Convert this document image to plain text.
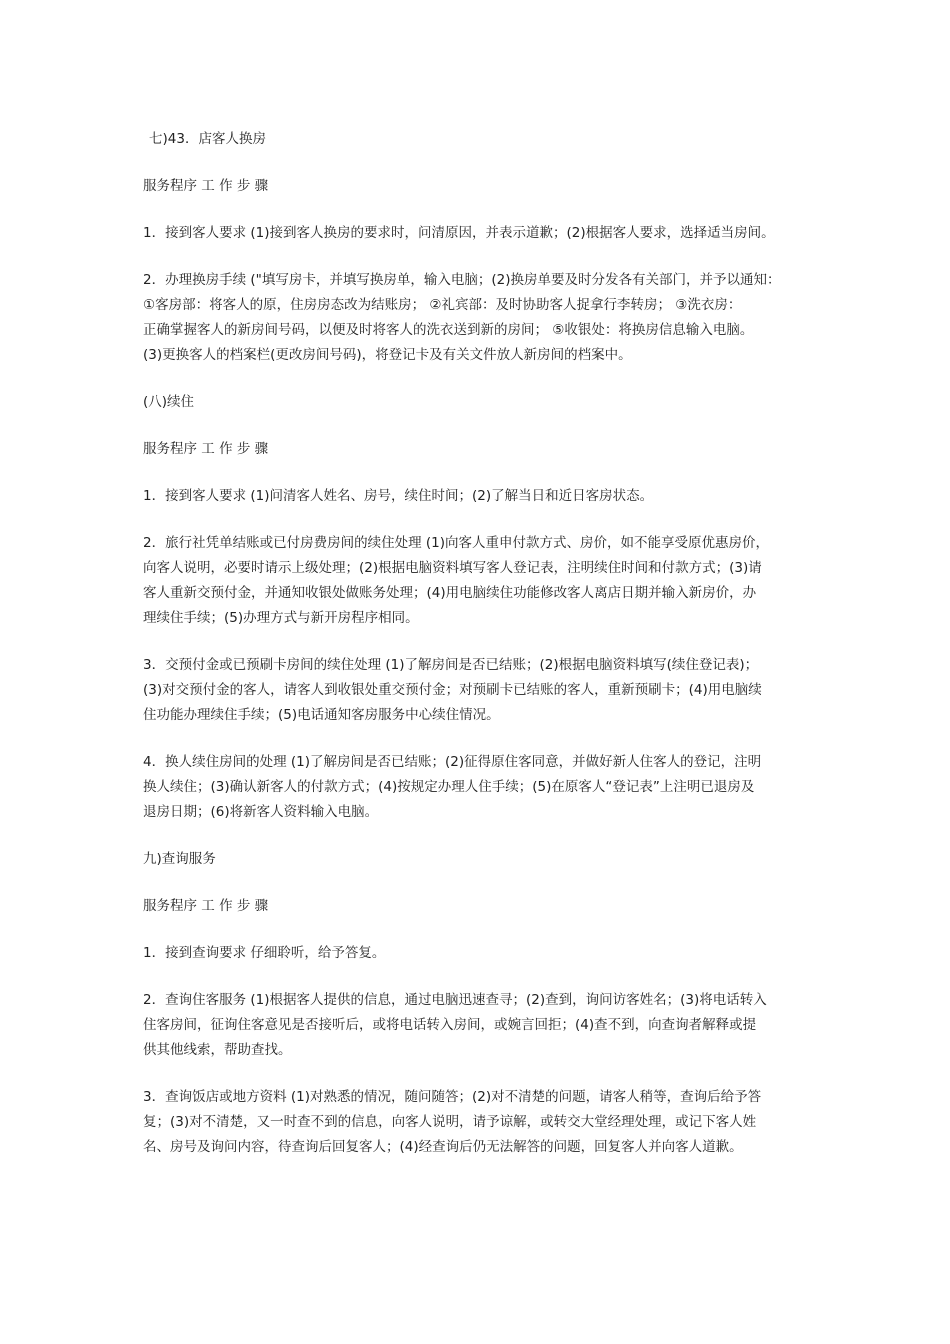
七)43．店客人换房

服务程序 工 作 步 骤

1．接到客人要求 (1)接到客人换房的要求时，问清原因，并表示道歉；(2)根据客人要求，选择适当房间。

2．办理换房手续 ("填写房卡，并填写换房单，输入电脑；(2)换房单要及时分发各有关部门，并予以通知：
①客房部：将客人的原，住房房态改为结账房； ②礼宾部：及时协助客人捉拿行李转房； ③洗衣房：
正确掌握客人的新房间号码，以便及时将客人的洗衣送到新的房间； ⑤收银处：将换房信息输入电脑。
(3)更换客人的档案栏(更改房间号码)，将登记卡及有关文件放人新房间的档案中。

(八)续住

服务程序 工 作 步 骤

1．接到客人要求 (1)问清客人姓名、房号，续住时间；(2)了解当日和近日客房状态。

2．旅行社凭单结账或已付房费房间的续住处理 (1)向客人重申付款方式、房价，如不能享受原优惠房价，
向客人说明，必要时请示上级处理；(2)根据电脑资料填写客人登记表，注明续住时间和付款方式；(3)请
客人重新交预付金，并通知收银处做账务处理；(4)用电脑续住功能修改客人离店日期并输入新房价，办
理续住手续；(5)办理方式与新开房程序相同。

3．交预付金或已预刷卡房间的续住处理 (1)了解房间是否已结账；(2)根据电脑资料填写(续住登记表)；
(3)对交预付金的客人，请客人到收银处重交预付金；对预刷卡已结账的客人，重新预刷卡；(4)用电脑续
住功能办理续住手续；(5)电话通知客房服务中心续住情况。

4．换人续住房间的处理 (1)了解房间是否已结账；(2)征得原住客同意，并做好新人住客人的登记，注明
换人续住；(3)确认新客人的付款方式；(4)按规定办理人住手续；(5)在原客人“登记表”上注明已退房及
退房日期；(6)将新客人资料输入电脑。

九)查询服务

服务程序 工 作 步 骤

1．接到查询要求 仔细聆听，给予答复。

2．查询住客服务 (1)根据客人提供的信息，通过电脑迅速查寻；(2)查到，询问访客姓名；(3)将电话转入
住客房间，征询住客意见是否接听后，或将电话转入房间，或婉言回拒；(4)查不到，向查询者解释或提
供其他线索，帮助查找。

3．查询饭店或地方资料 (1)对熟悉的情况，随问随答；(2)对不清楚的问题，请客人稍等，查询后给予答
复；(3)对不清楚，又一时查不到的信息，向客人说明，请予谅解，或转交大堂经理处理，或记下客人姓
名、房号及询问内容，待查询后回复客人；(4)经查询后仍无法解答的问题，回复客人并向客人道歉。
